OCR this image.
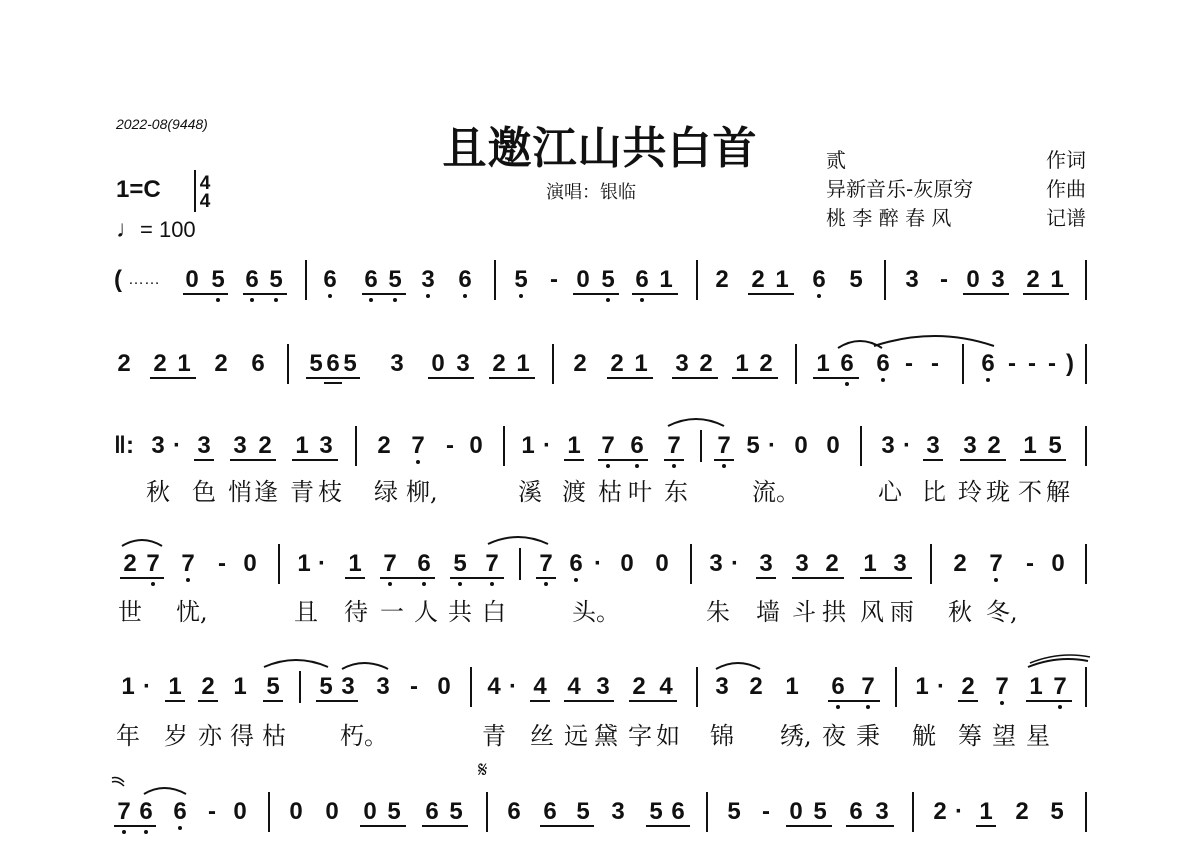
2022-08(9448)	且邀江山共白首
演唱：银临
贰	作词
异新音乐-灰原穷	作曲
桃 李 醉 春 风	记谱
1=C	4
4
♩= 100
( …… 0 5 6 5 6 6 5 3 6 5 - 0 5 6 1 2 2 1 6 5 3 - 0 3 2 1
2 2 1 2 6 5 6 5 3 0 3 2 1 2 2 1 3 2 1 2 1 6 6 - - 6 - - - )
‖: 3 · 3 3 2 1 3 2 7 - 0 1 · 1 7 6 7 7 5 · 0 0 3 · 3 3 2 1 5
秋 色 悄 逢 青 枝 绿 柳,	溪 渡 枯 叶 东	流。	心 比 玲 珑 不 解
2 7 7 - 0 1 · 1 7 6 5 7 7 6 · 0 0 3 · 3 3 2 1 3 2 7 - 0
世 忧,	且 待 一 人 共 白	头。	朱 墙 斗 拱 风 雨 秋 冬,
1 · 1 2 1 5 5 3 3 - 0 4 · 4 4 3 2 4 3 2 1 6 7 1 · 2 7 1 7
年 岁 亦 得 枯 朽。	青 丝 远 黛 字 如 锦 绣, 夜 秉 觥 筹 望 星
𝄋
7 6 6 - 0 0 0 0 5 6 5 6 6 5 3 5 6 5 - 0 5 6 3 2 · 1 2 5
